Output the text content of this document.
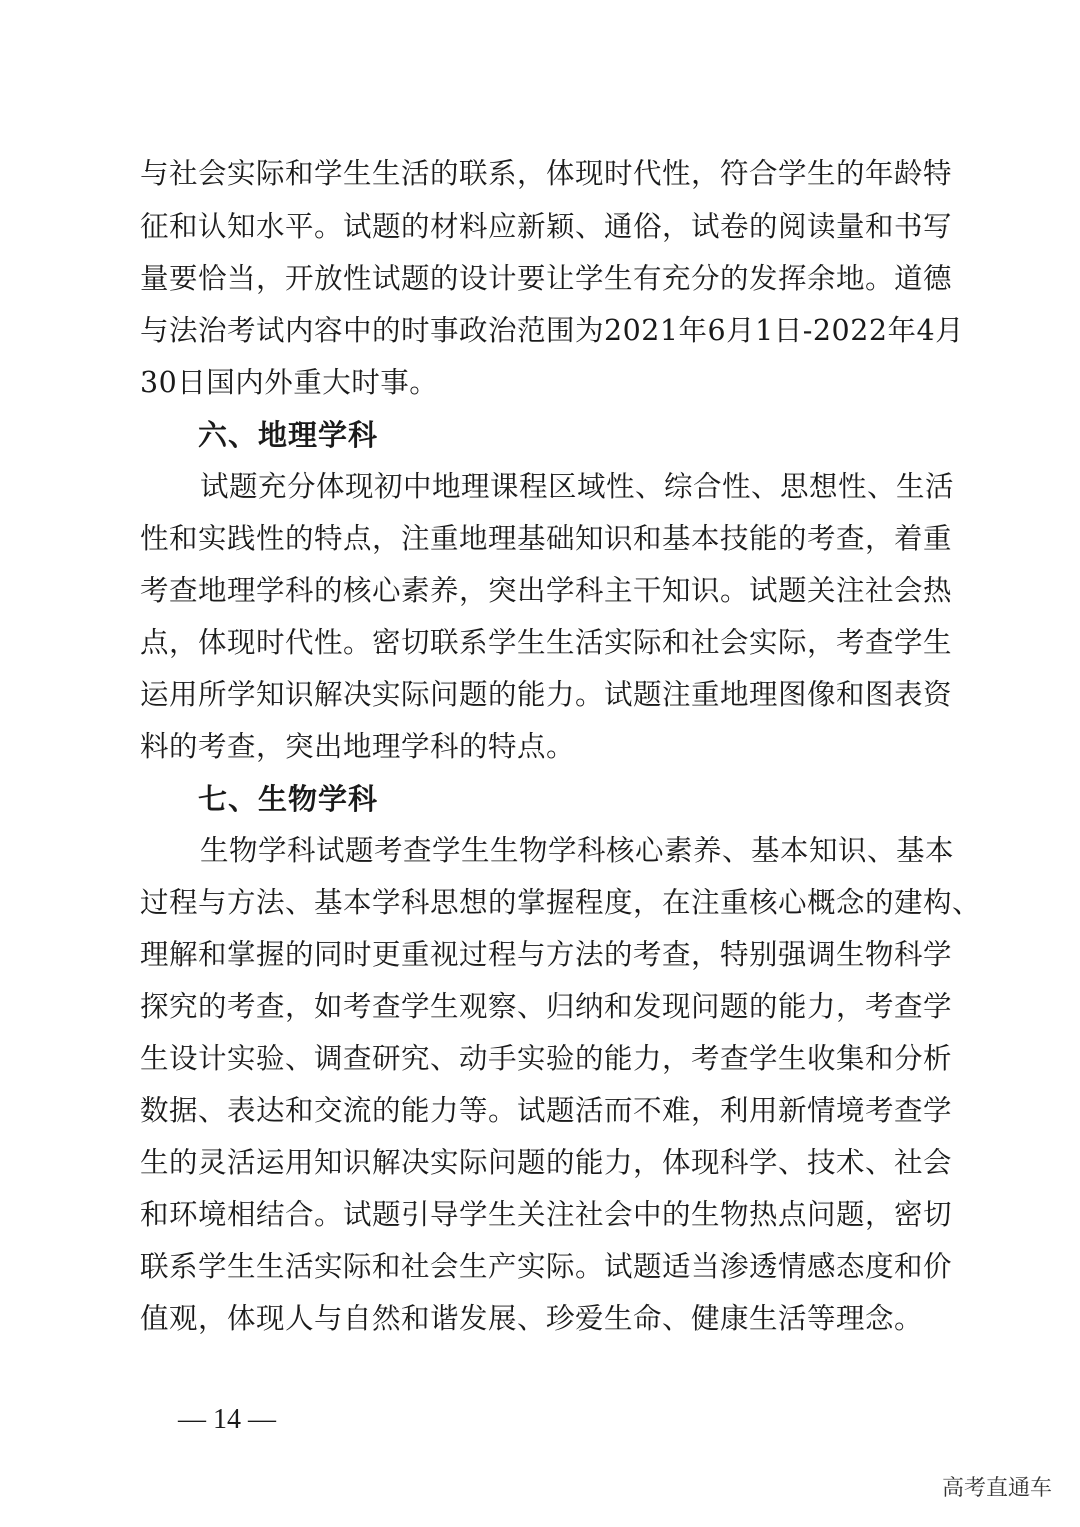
与社会实际和学生生活的联系，体现时代性，符合学生的年龄特
征和认知水平。试题的材料应新颖、通俗，试卷的阅读量和书写
量要恰当，开放性试题的设计要让学生有充分的发挥余地。道德
与法治考试内容中的时事政治范围为2021年6月1日-2022年4月
30日国内外重大时事。
六、地理学科
试题充分体现初中地理课程区域性、综合性、思想性、生活
性和实践性的特点，注重地理基础知识和基本技能的考查，着重
考查地理学科的核心素养，突出学科主干知识。试题关注社会热
点，体现时代性。密切联系学生生活实际和社会实际，考查学生
运用所学知识解决实际问题的能力。试题注重地理图像和图表资
料的考查，突出地理学科的特点。
七、生物学科
生物学科试题考查学生生物学科核心素养、基本知识、基本
过程与方法、基本学科思想的掌握程度，在注重核心概念的建构、
理解和掌握的同时更重视过程与方法的考查，特别强调生物科学
探究的考查，如考查学生观察、归纳和发现问题的能力，考查学
生设计实验、调查研究、动手实验的能力，考查学生收集和分析
数据、表达和交流的能力等。试题活而不难，利用新情境考查学
生的灵活运用知识解决实际问题的能力，体现科学、技术、社会
和环境相结合。试题引导学生关注社会中的生物热点问题，密切
联系学生生活实际和社会生产实际。试题适当渗透情感态度和价
值观，体现人与自然和谐发展、珍爱生命、健康生活等理念。
— 14 —
高考直通车
